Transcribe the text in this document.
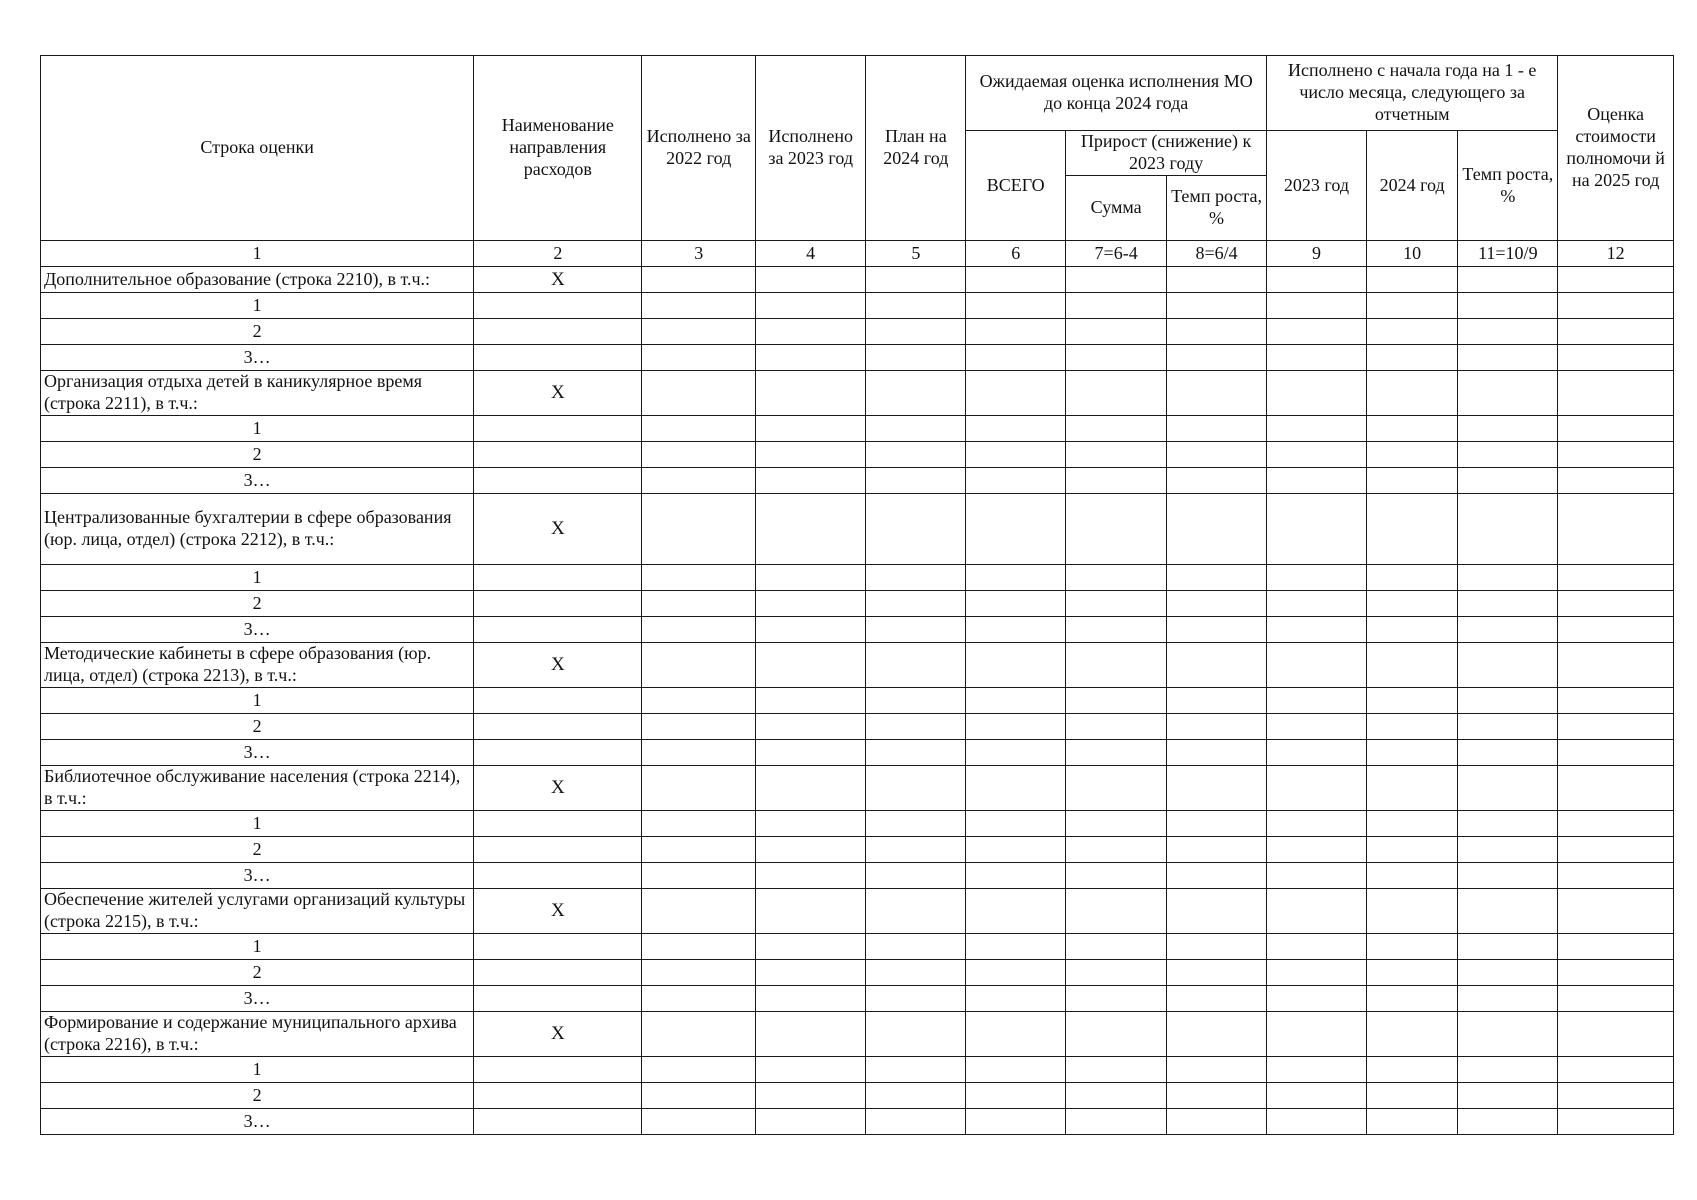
Строка оценки	Наименование направления расходов	Исполнено за 2022 год	Исполнено за 2023 год	План на 2024 год	Ожидаемая оценка исполнения МО до конца 2024 года			Исполнено с начала года на 1 - е число месяца, следующего за отчетным			Оценка стоимости полномочи й на 2025 год
					ВСЕГО	Прирост (снижение) к 2023 году		2023 год	2024 год	Темп роста, %	
						Сумма	Темп роста, %				
1	2	3	4	5	6	7=6-4	8=6/4	9	10	11=10/9	12
Дополнительное образование (строка 2210), в т.ч.:	X										
1											
2											
3…											
Организация отдыха детей в каникулярное время (строка 2211), в т.ч.:	X										
1											
2											
3…											
Централизованные бухгалтерии в сфере образования (юр. лица, отдел) (строка 2212), в т.ч.:	X										
1											
2											
3…											
Методические кабинеты в сфере образования (юр. лица, отдел) (строка 2213), в т.ч.:	X										
1											
2											
3…											
Библиотечное обслуживание населения (строка 2214), в т.ч.:	X										
1											
2											
3…											
Обеспечение жителей услугами организаций культуры (строка 2215), в т.ч.:	X										
1											
2											
3…											
Формирование и содержание муниципального архива (строка 2216), в т.ч.:	X										
1											
2											
3…											
